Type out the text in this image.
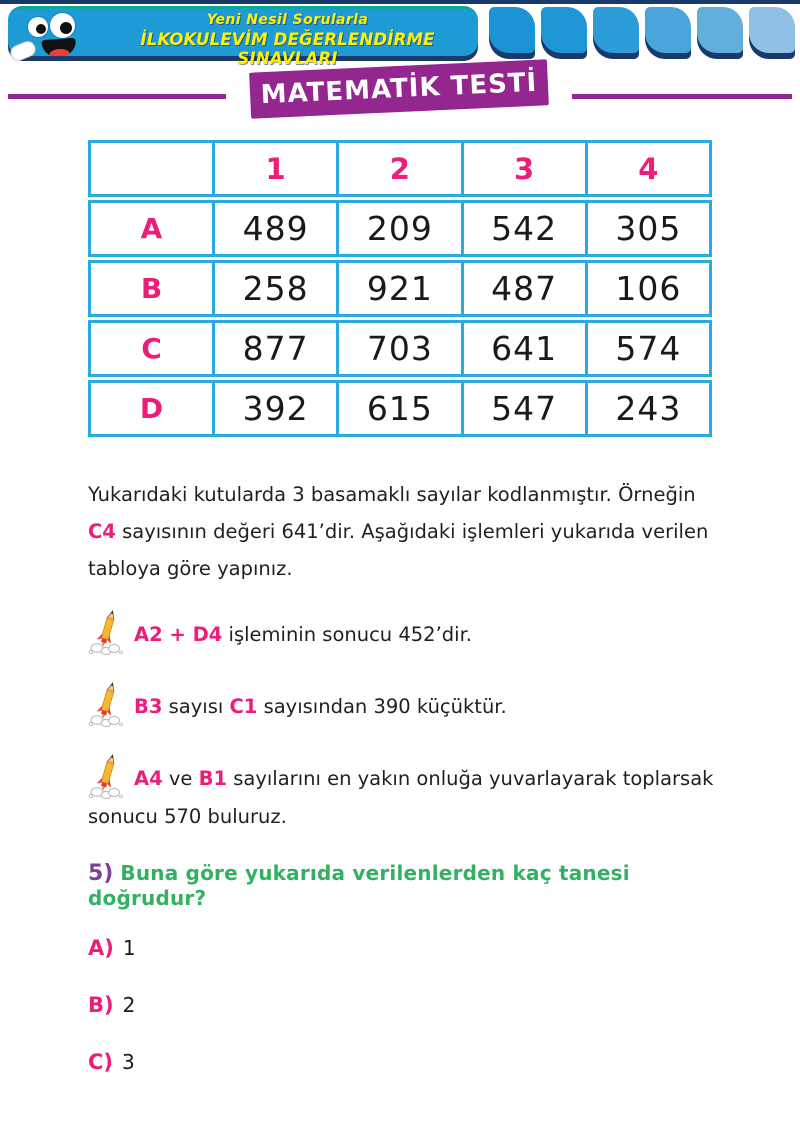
Yeni Nesil Sorularla
İLKOKULEVİM DEĞERLENDİRME SINAVLARI
MATEMATİK TESTİ
1	2	3	4
A 489 209 542 305
B 258 921 487 106
C 877 703 641 574
D 392 615 547 243

Yukarıdaki kutularda 3 basamaklı sayılar kodlanmıştır. Örneğin C4 sayısının değeri 641’dir. Aşağıdaki işlemleri yukarıda verilen tabloya göre yapınız.

A2 + D4 işleminin sonucu 452’dir.
B3 sayısı C1 sayısından 390 küçüktür.
A4 ve B1 sayılarını en yakın onluğa yuvarlayarak toplarsak sonucu 570 buluruz.
5) Buna göre yukarıda verilenlerden kaç tanesi doğrudur?
A) 1
B) 2
C) 3
